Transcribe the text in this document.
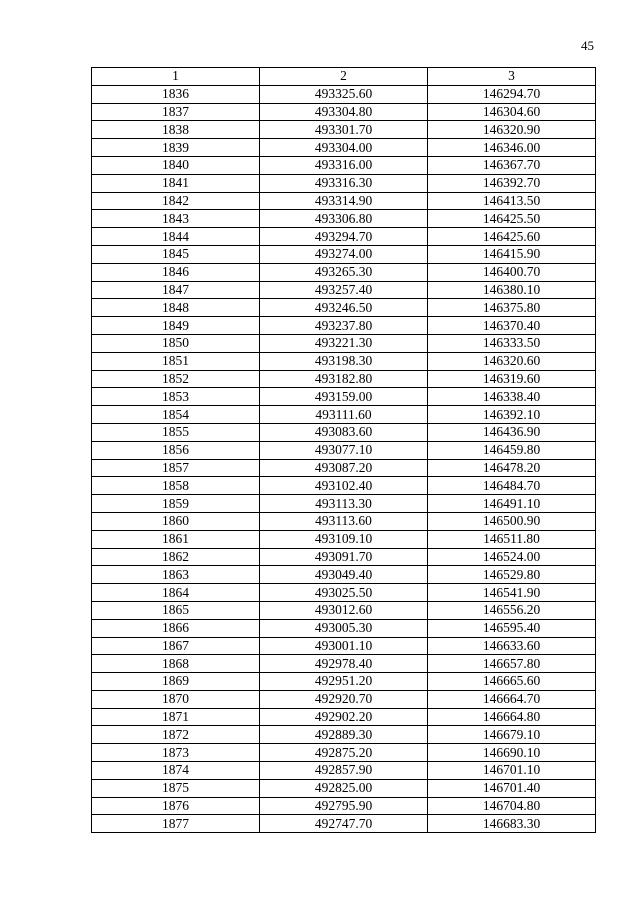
45
1	2	3
1836	493325.60	146294.70
1837	493304.80	146304.60
1838	493301.70	146320.90
1839	493304.00	146346.00
1840	493316.00	146367.70
1841	493316.30	146392.70
1842	493314.90	146413.50
1843	493306.80	146425.50
1844	493294.70	146425.60
1845	493274.00	146415.90
1846	493265.30	146400.70
1847	493257.40	146380.10
1848	493246.50	146375.80
1849	493237.80	146370.40
1850	493221.30	146333.50
1851	493198.30	146320.60
1852	493182.80	146319.60
1853	493159.00	146338.40
1854	493111.60	146392.10
1855	493083.60	146436.90
1856	493077.10	146459.80
1857	493087.20	146478.20
1858	493102.40	146484.70
1859	493113.30	146491.10
1860	493113.60	146500.90
1861	493109.10	146511.80
1862	493091.70	146524.00
1863	493049.40	146529.80
1864	493025.50	146541.90
1865	493012.60	146556.20
1866	493005.30	146595.40
1867	493001.10	146633.60
1868	492978.40	146657.80
1869	492951.20	146665.60
1870	492920.70	146664.70
1871	492902.20	146664.80
1872	492889.30	146679.10
1873	492875.20	146690.10
1874	492857.90	146701.10
1875	492825.00	146701.40
1876	492795.90	146704.80
1877	492747.70	146683.30
